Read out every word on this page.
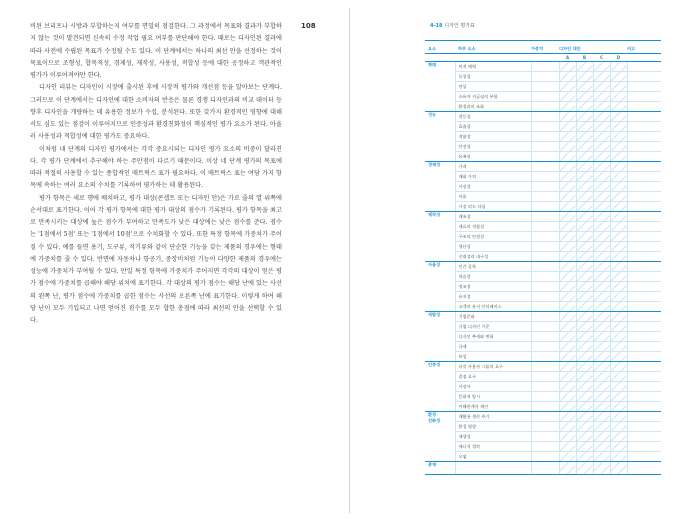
108

비된 브리프나 시방과 부합하는지 여부를 면밀히 점검한다. 그 과정에서 목표와 결과가 부합하지 않는 것이 발견되면 신속히 수정 작업 필요 여부를 판단해야 한다. 때로는 디자인된 결과에 따라 사전에 수립된 목표가 수정될 수도 있다. 이 단계에서는 하나의 최선 안을 선정하는 것이 목표이므로 조형성, 합목적성, 경제성, 제작성, 사용성, 적합성 등에 대한 공정하고 객관적인 평가가 이루어져야만 한다.

디자인 리뷰는 디자인이 시장에 출시된 후에 시장적 평가와 개선점 등을 알아보는 단계다. 그러므로 이 단계에서는 디자인에 대한 소비자의 반응은 물론 경쟁 디자인과의 비교 데이터 등 향후 디자인을 개량하는 데 유용한 정보가 수집, 분석된다. 또한 갖가지 환경적인 영향에 대해서도 심도 있는 점검이 이루어지므로 인증성과 환경친화성이 핵심적인 평가 요소가 된다. 아울러 사용성과 적합성에 대한 평가도 중요하다.

이처럼 네 단계의 디자인 평가에서는 각각 중요시되는 디자인 평가 요소의 비중이 달라진다. 각 평가 단계에서 추구해야 하는 주안점이 다르기 때문이다. 이상 네 단계 평가의 목표에 따라 적절히 사용할 수 있는 종합적인 매트릭스 표가 필요하다. 이 매트릭스 표는 여담 가지 항목에 속하는 여러 요소의 수치를 기록하여 평가하는 데 활용된다.

평가 항목은 세로 행에 배치하고, 평가 대상(콘셉트 또는 디자인 안)은 가로 줄의 열 위쪽에 순서대로 표기한다. 이어 각 평가 항목에 대한 평가 대상의 점수가 기록된다. 평가 항목을 최고로 만족시키는 대상에 높은 점수가 부여하고 만족도가 낮은 대상에는 낮은 점수를 준다. 점수는 '1점에서 5점' 또는 '1점에서 10점'으로 수치화할 수 있다. 또한 특정 항목에 가중치가 주어질 수 있다. 예를 들면 용기, 도구류, 직기류와 같이 단순한 기능을 갖는 제품의 경우에는 형태에 가중치를 줄 수 있다. 반면에 자동차나 항공기, 중장비처럼 기능이 다양한 제품의 경우에는 성능에 가중치가 부여될 수 있다. 만일 특정 항목에 가중치가 주어지면 각각의 대상이 얻은 평가 점수에 가중치를 곱해야 해당 위치에 표기한다. 각 대상의 평가 점수는 해당 난에 있는 사선의 왼쪽 난, 평가 점수에 가중치를 곱한 점수는 사선의 오른쪽 난에 표기한다. 이렇게 하여 해당 난이 모두 기입되고 나면 얻어진 점수를 모두 합한 총점에 따라 최선의 안을 선택할 수 있다.

4-18 디자인 평가표
요소	하부 요소	가중치	디자인 대안				비고
			A	B	C	D	
형태	미적 매력						
	독창성						
	연상						
	소유자 지급심의 부합						
	환경과의 조화						
성능	작동성						
	효율성						
	적합성						
	안전성						
	유족성						
경제성	가격						
	재화 가치						
	시장성						
	이윤						
	시장 리드 타임						
제작성	제조성						
	재료의 적합성						
	구조의 안정성						
	생산성						
	신뢰성과 내구성						
사용성	인간 공학						
	학습성						
	정조성						
	유지성						
	고객의 유저 인터페이스						
적합성	기업문화						
	기업 디자인 기준						
	디자인 추세와 변화						
	규제						
	특성						
인증성	타깃 사용자 그룹의 요구						
	결점 요구						
	시장사						
	문화적 암시						
	이해관계자 제안						
환경
친화성	재활용 생산 주기						
	환경 영향						
	재생성						
	에너지 절약						
	오염						
총계							
